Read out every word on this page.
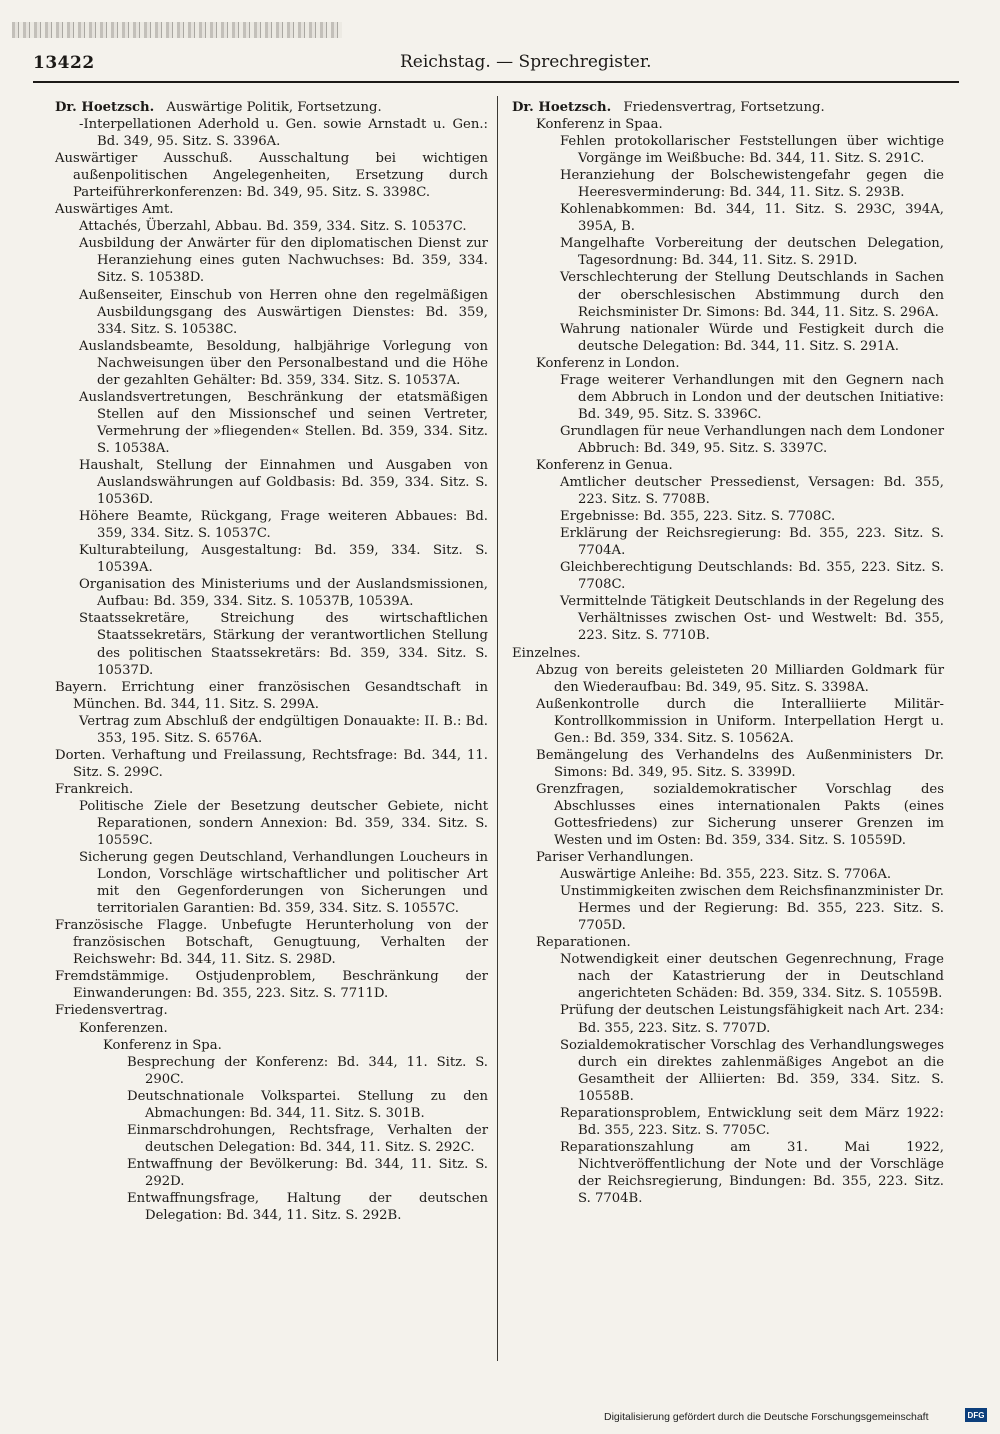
13422	Reichstag. — Sprechregister.
Dr. Hoetzsch. Auswärtige Politik, Fortsetzung.
-Interpellationen Aderhold u. Gen. sowie Arnstadt u. Gen.: Bd. 349, 95. Sitz. S. 3396A.
Auswärtiger Ausschuß. Ausschaltung bei wichtigen außenpolitischen Angelegenheiten, Ersetzung durch Parteiführerkonferenzen: Bd. 349, 95. Sitz. S. 3398C.
Auswärtiges Amt.
Attachés, Überzahl, Abbau. Bd. 359, 334. Sitz. S. 10537C.
Ausbildung der Anwärter für den diplomatischen Dienst zur Heranziehung eines guten Nachwuchses: Bd. 359, 334. Sitz. S. 10538D.
Außenseiter, Einschub von Herren ohne den regelmäßigen Ausbildungsgang des Auswärtigen Dienstes: Bd. 359, 334. Sitz. S. 10538C.
Auslandsbeamte, Besoldung, halbjährige Vorlegung von Nachweisungen über den Personalbestand und die Höhe der gezahlten Gehälter: Bd. 359, 334. Sitz. S. 10537A.
Auslandsvertretungen, Beschränkung der etatsmäßigen Stellen auf den Missionschef und seinen Vertreter, Vermehrung der »fliegenden« Stellen. Bd. 359, 334. Sitz. S. 10538A.
Haushalt, Stellung der Einnahmen und Ausgaben von Auslandswährungen auf Goldbasis: Bd. 359, 334. Sitz. S. 10536D.
Höhere Beamte, Rückgang, Frage weiteren Abbaues: Bd. 359, 334. Sitz. S. 10537C.
Kulturabteilung, Ausgestaltung: Bd. 359, 334. Sitz. S. 10539A.
Organisation des Ministeriums und der Auslandsmissionen, Aufbau: Bd. 359, 334. Sitz. S. 10537B, 10539A.
Staatssekretäre, Streichung des wirtschaftlichen Staatssekretärs, Stärkung der verantwortlichen Stellung des politischen Staatssekretärs: Bd. 359, 334. Sitz. S. 10537D.
Bayern. Errichtung einer französischen Gesandtschaft in München. Bd. 344, 11. Sitz. S. 299A.
Vertrag zum Abschluß der endgültigen Donauakte: II. B.: Bd. 353, 195. Sitz. S. 6576A.
Dorten. Verhaftung und Freilassung, Rechtsfrage: Bd. 344, 11. Sitz. S. 299C.
Frankreich.
Politische Ziele der Besetzung deutscher Gebiete, nicht Reparationen, sondern Annexion: Bd. 359, 334. Sitz. S. 10559C.
Sicherung gegen Deutschland, Verhandlungen Loucheurs in London, Vorschläge wirtschaftlicher und politischer Art mit den Gegenforderungen von Sicherungen und territorialen Garantien: Bd. 359, 334. Sitz. S. 10557C.
Französische Flagge. Unbefugte Herunterholung von der französischen Botschaft, Genugtuung, Verhalten der Reichswehr: Bd. 344, 11. Sitz. S. 298D.
Fremdstämmige. Ostjudenproblem, Beschränkung der Einwanderungen: Bd. 355, 223. Sitz. S. 7711D.
Friedensvertrag.
Konferenzen.
Konferenz in Spa.
Besprechung der Konferenz: Bd. 344, 11. Sitz. S. 290C.
Deutschnationale Volkspartei. Stellung zu den Abmachungen: Bd. 344, 11. Sitz. S. 301B.
Einmarschdrohungen, Rechtsfrage, Verhalten der deutschen Delegation: Bd. 344, 11. Sitz. S. 292C.
Entwaffnung der Bevölkerung: Bd. 344, 11. Sitz. S. 292D.
Entwaffnungsfrage, Haltung der deutschen Delegation: Bd. 344, 11. Sitz. S. 292B.
Dr. Hoetzsch. Friedensvertrag, Fortsetzung.
Konferenz in Spaa.
Fehlen protokollarischer Feststellungen über wichtige Vorgänge im Weißbuche: Bd. 344, 11. Sitz. S. 291C.
Heranziehung der Bolschewistengefahr gegen die Heeresverminderung: Bd. 344, 11. Sitz. S. 293B.
Kohlenabkommen: Bd. 344, 11. Sitz. S. 293C, 394A, 395A, B.
Mangelhafte Vorbereitung der deutschen Delegation, Tagesordnung: Bd. 344, 11. Sitz. S. 291D.
Verschlechterung der Stellung Deutschlands in Sachen der oberschlesischen Abstimmung durch den Reichsminister Dr. Simons: Bd. 344, 11. Sitz. S. 296A.
Wahrung nationaler Würde und Festigkeit durch die deutsche Delegation: Bd. 344, 11. Sitz. S. 291A.
Konferenz in London.
Frage weiterer Verhandlungen mit den Gegnern nach dem Abbruch in London und der deutschen Initiative: Bd. 349, 95. Sitz. S. 3396C.
Grundlagen für neue Verhandlungen nach dem Londoner Abbruch: Bd. 349, 95. Sitz. S. 3397C.
Konferenz in Genua.
Amtlicher deutscher Pressedienst, Versagen: Bd. 355, 223. Sitz. S. 7708B.
Ergebnisse: Bd. 355, 223. Sitz. S. 7708C.
Erklärung der Reichsregierung: Bd. 355, 223. Sitz. S. 7704A.
Gleichberechtigung Deutschlands: Bd. 355, 223. Sitz. S. 7708C.
Vermittelnde Tätigkeit Deutschlands in der Regelung des Verhältnisses zwischen Ost- und Westwelt: Bd. 355, 223. Sitz. S. 7710B.
Einzelnes.
Abzug von bereits geleisteten 20 Milliarden Goldmark für den Wiederaufbau: Bd. 349, 95. Sitz. S. 3398A.
Außenkontrolle durch die Interalliierte Militär-Kontrollkommission in Uniform. Interpellation Hergt u. Gen.: Bd. 359, 334. Sitz. S. 10562A.
Bemängelung des Verhandelns des Außenministers Dr. Simons: Bd. 349, 95. Sitz. S. 3399D.
Grenzfragen, sozialdemokratischer Vorschlag des Abschlusses eines internationalen Pakts (eines Gottesfriedens) zur Sicherung unserer Grenzen im Westen und im Osten: Bd. 359, 334. Sitz. S. 10559D.
Pariser Verhandlungen.
Auswärtige Anleihe: Bd. 355, 223. Sitz. S. 7706A.
Unstimmigkeiten zwischen dem Reichsfinanzminister Dr. Hermes und der Regierung: Bd. 355, 223. Sitz. S. 7705D.
Reparationen.
Notwendigkeit einer deutschen Gegenrechnung, Frage nach der Katastrierung der in Deutschland angerichteten Schäden: Bd. 359, 334. Sitz. S. 10559B.
Prüfung der deutschen Leistungsfähigkeit nach Art. 234: Bd. 355, 223. Sitz. S. 7707D.
Sozialdemokratischer Vorschlag des Verhandlungsweges durch ein direktes zahlenmäßiges Angebot an die Gesamtheit der Alliierten: Bd. 359, 334. Sitz. S. 10558B.
Reparationsproblem, Entwicklung seit dem März 1922: Bd. 355, 223. Sitz. S. 7705C.
Reparationszahlung am 31. Mai 1922, Nichtveröffentlichung der Note und der Vorschläge der Reichsregierung, Bindungen: Bd. 355, 223. Sitz. S. 7704B.
Digitalisierung gefördert durch die Deutsche Forschungsgemeinschaft	DFG
